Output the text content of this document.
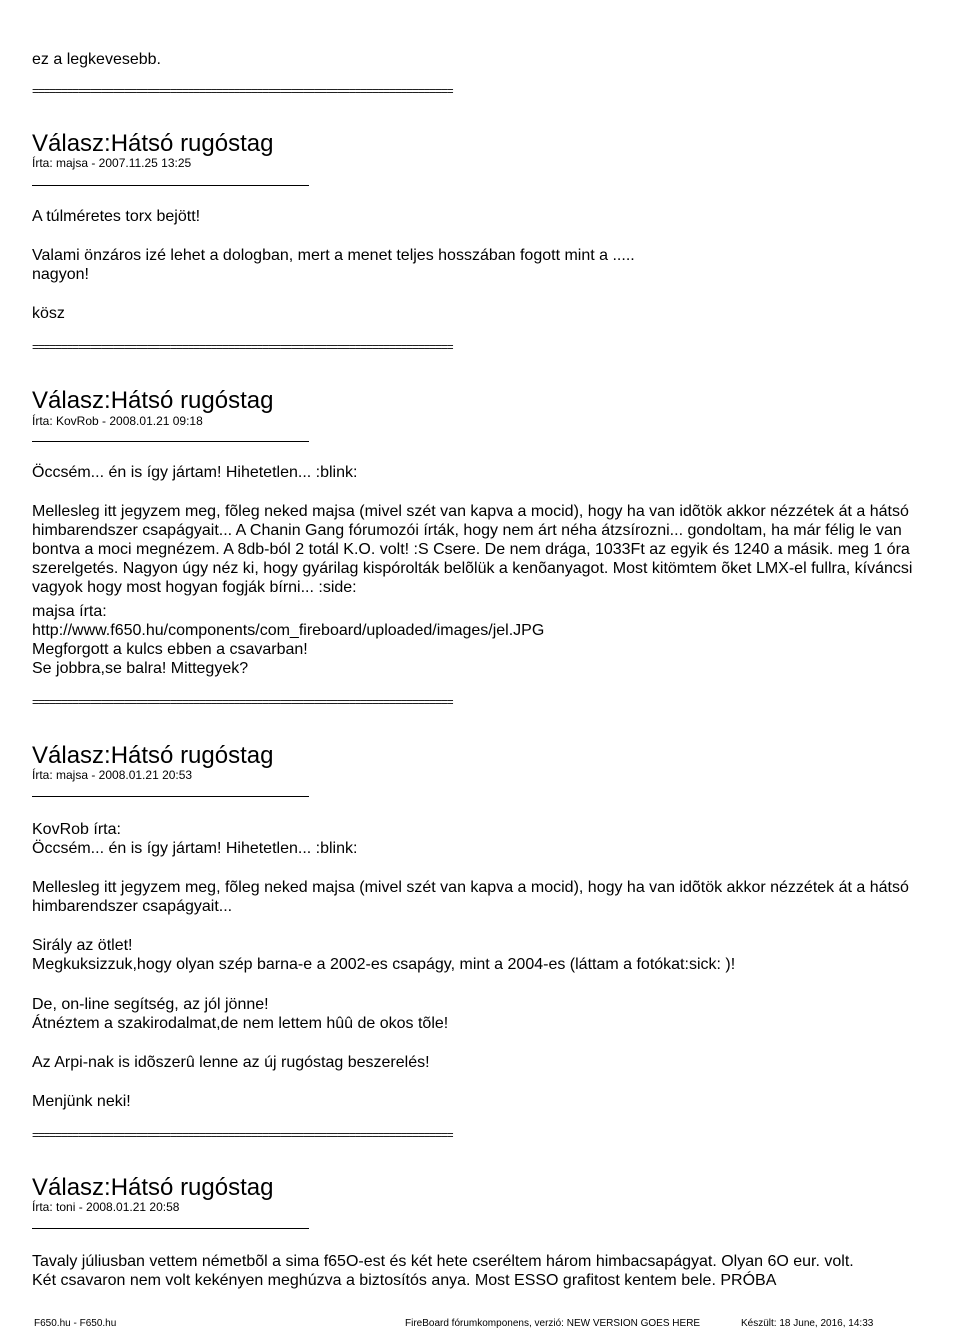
ez a legkevesebb.

=========================================================================

Válasz:Hátsó rugóstag

Írta: majsa - 2007.11.25 13:25

A túlméretes torx bejött!

Valami önzáros izé lehet a dologban, mert a menet teljes hosszában fogott mint a .....

nagyon!

kösz

=========================================================================

Válasz:Hátsó rugóstag

Írta: KovRob - 2008.01.21 09:18

Öccsém... én is így jártam! Hihetetlen... :blink:

Mellesleg itt jegyzem meg, fõleg neked majsa (mivel szét van kapva a mocid), hogy ha van idõtök akkor nézzétek át a hátsó himbarendszer csapágyait... A Chanin Gang fórumozói írták, hogy nem árt néha átzsírozni... gondoltam, ha már félig le van bontva a moci megnézem. A 8db-ból 2 totál K.O. volt! :S Csere. De nem drága, 1033Ft az egyik és 1240 a másik. meg 1 óra szerelgetés. Nagyon úgy néz ki, hogy gyárilag kispórolták belõlük a kenõanyagot. Most kitömtem õket LMX-el fullra, kíváncsi vagyok hogy most hogyan fogják bírni... :side:

majsa írta:

http://www.f650.hu/components/com_fireboard/uploaded/images/jel.JPG

Megforgott a kulcs ebben a csavarban!

Se jobbra,se balra! Mittegyek?

=========================================================================

Válasz:Hátsó rugóstag

Írta: majsa - 2008.01.21 20:53

KovRob írta:

Öccsém... én is így jártam! Hihetetlen... :blink:

Mellesleg itt jegyzem meg, fõleg neked majsa (mivel szét van kapva a mocid), hogy ha van idõtök akkor nézzétek át a hátsó himbarendszer csapágyait...

Sirály az ötlet!

Megkuksizzuk,hogy olyan szép barna-e a 2002-es csapágy, mint a 2004-es (láttam a fotókat:sick: )!

De, on-line segítség, az jól jönne!

Átnéztem a szakirodalmat,de nem lettem hûû de okos tõle!

Az Arpi-nak is idõszerû lenne az új rugóstag beszerelés!

Menjünk neki!

=========================================================================

Válasz:Hátsó rugóstag

Írta: toni - 2008.01.21 20:58

Tavaly júliusban vettem németbõl a sima f65O-est és két hete cseréltem három himbacsapágyat. Olyan 6O eur. volt.

Két csavaron nem volt kekényen meghúzva a biztosítós anya. Most ESSO grafitost kentem bele. PRÓBA

F650.hu - F650.hu	FireBoard fórumkomponens, verzió: NEW VERSION GOES HERE	Készült: 18 June, 2016, 14:33
